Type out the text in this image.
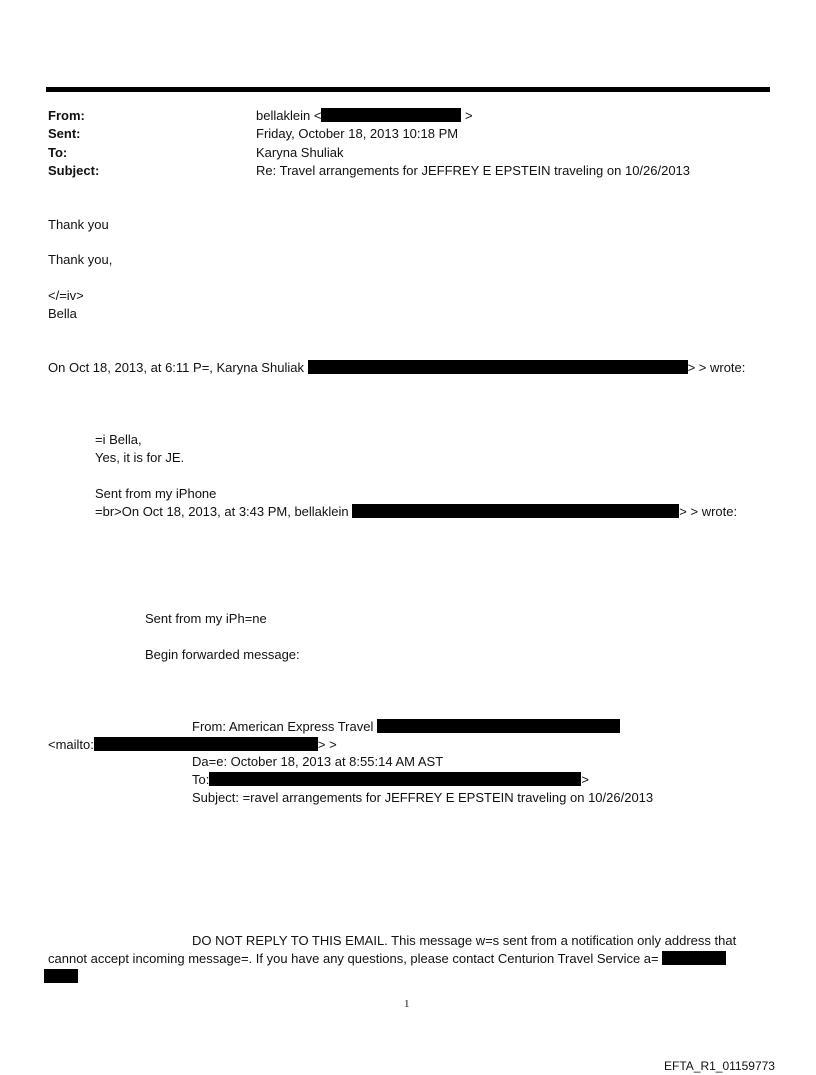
From:	bellaklein <	>
Sent:	Friday, October 18, 2013 10:18 PM
To:	Karyna Shuliak
Subject:	Re: Travel arrangements for JEFFREY E EPSTEIN traveling on 10/26/2013
Thank you
Thank you,
</=iv>
Bella
On Oct 18, 2013, at 6:11 P=, Karyna Shuliak	> > wrote:
=i Bella,
Yes, it is for JE.
Sent from my iPhone
=br>On Oct 18, 2013, at 3:43 PM, bellaklein	> > wrote:
Sent from my iPh=ne
Begin forwarded message:
From: American Express Travel
<mailto:	> >
Da=e: October 18, 2013 at 8:55:14 AM AST
To:	>
Subject: =ravel arrangements for JEFFREY E EPSTEIN traveling on 10/26/2013
DO NOT REPLY TO THIS EMAIL. This message w=s sent from a notification only address that
cannot accept incoming message=. If you have any questions, please contact Centurion Travel Service a=
1
EFTA_R1_01159773
